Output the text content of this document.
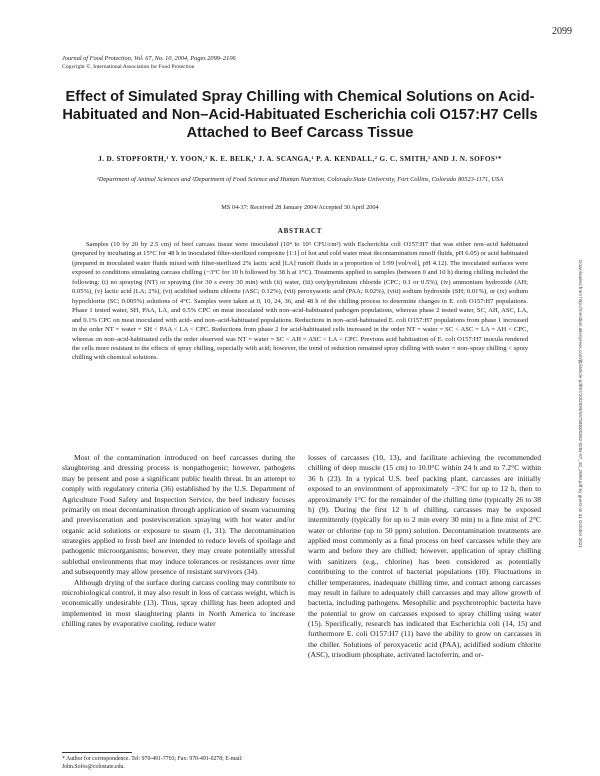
2099
Journal of Food Protection, Vol. 67, No. 10, 2004, Pages 2099–2106
Copyright ©, International Association for Food Protection
Effect of Simulated Spray Chilling with Chemical Solutions on Acid-Habituated and Non–Acid-Habituated Escherichia coli O157:H7 Cells Attached to Beef Carcass Tissue
J. D. STOPFORTH,¹ Y. YOON,¹ K. E. BELK,¹ J. A. SCANGA,¹ P. A. KENDALL,² G. C. SMITH,¹ AND J. N. SOFOS¹*
¹Department of Animal Sciences and ²Department of Food Science and Human Nutrition, Colorado State University, Fort Collins, Colorado 80523-1171, USA
MS 04-37: Received 28 January 2004/Accepted 30 April 2004
ABSTRACT
Samples (10 by 20 by 2.5 cm) of beef carcass tissue were inoculated (10⁴ to 10⁵ CFU/cm²) with Escherichia coli O157:H7 that was either non–acid habituated (prepared by incubating at 15°C for 48 h in inoculated filter-sterilized composite [1:1] of hot and cold water meat decontamination runoff fluids, pH 6.05) or acid habituated (prepared in inoculated water fluids mixed with filter-sterilized 2% lactic acid [LA] runoff fluids in a proportion of 1/99 [vol/vol], pH 4.12). The inoculated surfaces were exposed to conditions simulating carcass chilling (−3°C for 10 h followed by 38 h at 1°C). Treatments applied to samples (between 0 and 10 h) during chilling included the following: (i) no spraying (NT) or spraying (for 30 s every 30 min) with (ii) water, (iii) cetylpyridinium chloride (CPC; 0.1 or 0.5%), (iv) ammonium hydroxide (AH; 0.05%), (v) lactic acid (LA; 2%), (vi) acidified sodium chlorite (ASC; 0.12%), (vii) peroxyacetic acid (PAA; 0.02%), (viii) sodium hydroxide (SH; 0.01%), or (ix) sodium hypochlorite (SC; 0.005%) solutions of 4°C. Samples were taken at 0, 10, 24, 36, and 48 h of the chilling process to determine changes in E. coli O157:H7 populations. Phase 1 tested water, SH, PAA, LA, and 0.5% CPC on meat inoculated with non–acid-habituated pathogen populations, whereas phase 2 tested water, SC, AH, ASC, LA, and 0.1% CPC on meat inoculated with acid- and non–acid-habituated populations. Reductions in non–acid-habituated E. coli O157:H7 populations from phase 1 increased in the order NT = water = SH < PAA < LA < CPC. Reductions from phase 2 for acid-habituated cells increased in the order NT = water = SC < ASC = LA = AH < CPC, whereas on non–acid-habituated cells the order observed was NT = water = SC < AH = ASC < LA < CPC. Previous acid habituation of E. coli O157:H7 inocula rendered the cells more resistant to the effects of spray chilling, especially with acid; however, the trend of reduction remained spray chilling with water = non–spray chilling < spray chilling with chemical solutions.

Most of the contamination introduced on beef carcasses during the slaughtering and dressing process is nonpathogenic; however, pathogens may be present and pose a significant public health threat. In an attempt to comply with regulatory criteria (36) established by the U.S. Department of Agriculture Food Safety and Inspection Service, the beef industry focuses primarily on meat decontamination through application of steam vacuuming and preevisceration and postevisceration spraying with hot water and/or organic acid solutions or exposure to steam (1, 31). The decontamination strategies applied to fresh beef are intended to reduce levels of spoilage and pathogenic microorganisms; however, they may create potentially stressful sublethal environments that may induce tolerances or resistances over time and subsequently may allow presence of resistant survivors (34).

Although drying of the surface during carcass cooling may contribute to microbiological control, it may also result in loss of carcass weight, which is economically undesirable (13). Thus, spray chilling has been adopted and implemented in most slaughtering plants in North America to increase chilling rates by evaporative cooling, reduce water

losses of carcasses (10, 13), and facilitate achieving the recommended chilling of deep muscle (15 cm) to 10.0°C within 24 h and to 7.2°C within 36 h (23). In a typical U.S. beef packing plant, carcasses are initially exposed to an environment of approximately −3°C for up to 12 h, then to approximately 1°C for the remainder of the chilling time (typically 26 to 38 h) (9). During the first 12 h of chilling, carcasses may be exposed intermittently (typically for up to 2 min every 30 min) to a fine mist of 2°C water or chlorine (up to 50 ppm) solution. Decontamination treatments are applied most commonly as a final process on beef carcasses while they are warm and before they are chilled; however, application of spray chilling with sanitizers (e.g., chlorine) has been considered as potentially contributing to the control of bacterial populations (10). Fluctuations in chiller temperatures, inadequate chilling time, and contact among carcasses may result in failure to adequately chill carcasses and may allow growth of bacteria, including pathogens. Mesophilic and psychrotrophic bacteria have the potential to grow on carcasses exposed to spray chilling using water (15). Specifically, research has indicated that Escherichia coli (14, 15) and furthermore E. coli O157:H7 (11) have the ability to grow on carcasses in the chiller. Solutions of peroxyacetic acid (PAA), acidified sodium chlorite (ASC), trisodium phosphate, activated lactoferrin, and or-

* Author for correspondence. Tel: 970-491-7703; Fax: 970-491-0278; E-mail: John.Sofos@colostate.edu.
Downloaded from http://meridian.allenpress.com/jfp/article-pdf/67/10/2099/1675883/0362-028x-67_10_2099.pdf by guest on 31 October 2021
